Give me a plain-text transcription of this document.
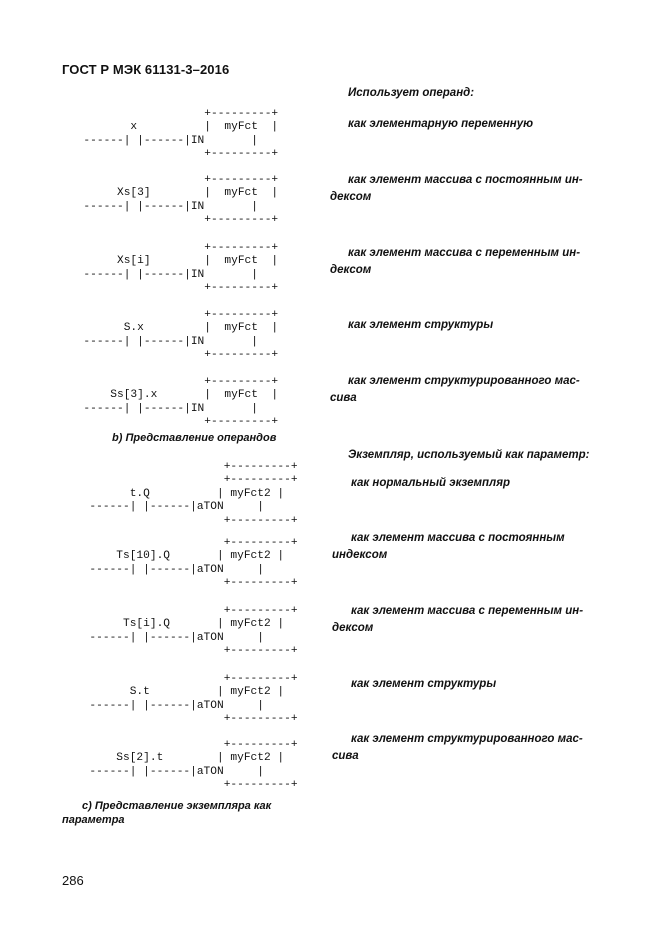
ГОСТ Р МЭК 61131-3–2016
Использует операнд:
+---------+
x          |  myFct  |
------| |------|IN       |
+---------+

как элементарную переменную

+---------+
Xs[3]        |  myFct  |
------| |------|IN       |
+---------+

как элемент массива с постоянным ин-
дексом

+---------+
Xs[i]        |  myFct  |
------| |------|IN       |
+---------+

как элемент массива с переменным ин-
дексом

+---------+
S.x         |  myFct  |
------| |------|IN       |
+---------+

как элемент структуры

+---------+
Ss[3].x       |  myFct  |
------| |------|IN       |
+---------+

как элемент структурированного мас-
сива

b) Представление операндов

Экземпляр, используемый как параметр:
+---------+
+---------+
t.Q          | myFct2 |
------| |------|aTON     |
+---------+

как нормальный экземпляр

+---------+
Ts[10].Q       | myFct2 |
------| |------|aTON     |
+---------+

как элемент массива с постоянным
индексом

+---------+
Ts[i].Q       | myFct2 |
------| |------|aTON     |
+---------+

как элемент массива с переменным ин-
дексом

+---------+
S.t          | myFct2 |
------| |------|aTON     |
+---------+

как элемент структуры

+---------+
Ss[2].t        | myFct2 |
------| |------|aTON     |
+---------+

как элемент структурированного мас-
сива

c) Представление экземпляра как
параметра

286
